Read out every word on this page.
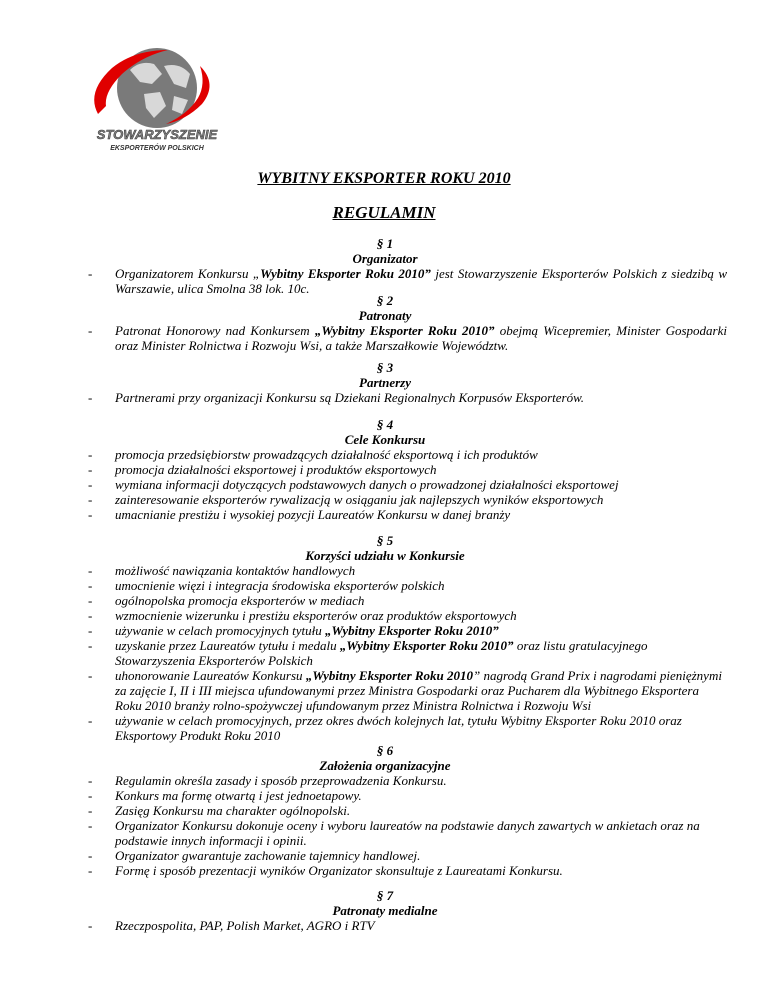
STOWARZYSZENIE
EKSPORTERÓW POLSKICH
WYBITNY EKSPORTER ROKU 2010
REGULAMIN
§ 1
Organizator
- Organizatorem Konkursu „Wybitny Eksporter Roku 2010” jest Stowarzyszenie Eksporterów Polskich z siedzibą w Warszawie, ulica Smolna 38 lok. 10c.
§ 2
Patronaty
- Patronat Honorowy nad Konkursem „Wybitny Eksporter Roku 2010” obejmą Wicepremier, Minister Gospodarki oraz Minister Rolnictwa i Rozwoju Wsi, a także Marszałkowie Województw.
§ 3
Partnerzy
- Partnerami przy organizacji Konkursu są Dziekani Regionalnych Korpusów Eksporterów.
§ 4
Cele Konkursu
- promocja przedsiębiorstw prowadzących działalność eksportową i ich produktów
- promocja działalności eksportowej i produktów eksportowych
- wymiana informacji dotyczących podstawowych danych o prowadzonej działalności eksportowej
- zainteresowanie eksporterów rywalizacją w osiąganiu jak najlepszych wyników eksportowych
- umacnianie prestiżu i wysokiej pozycji Laureatów Konkursu w danej branży
§ 5
Korzyści udziału w Konkursie
- możliwość nawiązania kontaktów handlowych
- umocnienie więzi i integracja środowiska eksporterów polskich
- ogólnopolska promocja eksporterów w mediach
- wzmocnienie wizerunku i prestiżu eksporterów oraz produktów eksportowych
- używanie w celach promocyjnych tytułu „Wybitny Eksporter Roku 2010”
- uzyskanie przez Laureatów tytułu i medalu „Wybitny Eksporter Roku 2010” oraz listu gratulacyjnego Stowarzyszenia Eksporterów Polskich
- uhonorowanie Laureatów Konkursu „Wybitny Eksporter Roku 2010” nagrodą Grand Prix i nagrodami pieniężnymi za zajęcie I, II i III miejsca ufundowanymi przez Ministra Gospodarki oraz Pucharem dla Wybitnego Eksportera Roku 2010 branży rolno-spożywczej ufundowanym przez Ministra Rolnictwa i Rozwoju Wsi
- używanie w celach promocyjnych, przez okres dwóch kolejnych lat, tytułu Wybitny Eksporter Roku 2010 oraz Eksportowy Produkt Roku 2010
§ 6
Założenia organizacyjne
- Regulamin określa zasady i sposób przeprowadzenia Konkursu.
- Konkurs ma formę otwartą i jest jednoetapowy.
- Zasięg Konkursu ma charakter ogólnopolski.
- Organizator Konkursu dokonuje oceny i wyboru laureatów na podstawie danych zawartych w ankietach oraz na podstawie innych informacji i opinii.
- Organizator gwarantuje zachowanie tajemnicy handlowej.
- Formę i sposób prezentacji wyników Organizator skonsultuje z Laureatami Konkursu.
§ 7
Patronaty medialne
- Rzeczpospolita, PAP, Polish Market, AGRO i RTV
